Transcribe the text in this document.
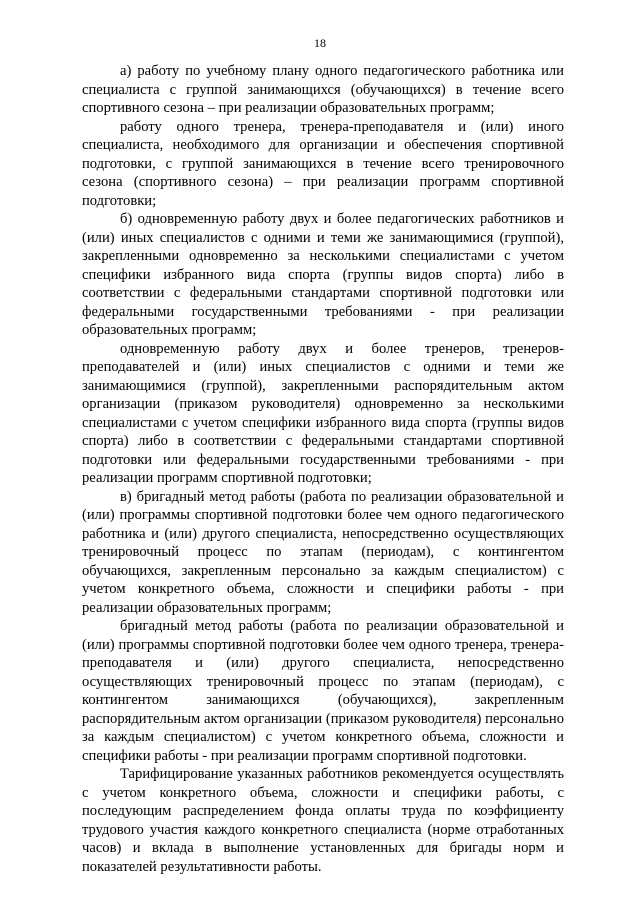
18

а) работу по учебному плану одного педагогического работника или специалиста с группой занимающихся (обучающихся) в течение всего спортивного сезона – при реализации образовательных программ;

работу одного тренера, тренера-преподавателя и (или) иного специалиста, необходимого для организации и обеспечения спортивной подготовки, с группой занимающихся в течение всего тренировочного сезона (спортивного сезона) – при реализации программ спортивной подготовки;

б) одновременную работу двух и более педагогических работников и (или) иных специалистов с одними и теми же занимающимися (группой), закрепленными одновременно за несколькими специалистами с учетом специфики избранного вида спорта (группы видов спорта) либо в соответствии с федеральными стандартами спортивной подготовки или федеральными государственными требованиями - при реализации образовательных программ;

одновременную работу двух и более тренеров, тренеров-преподавателей и (или) иных специалистов с одними и теми же занимающимися (группой), закрепленными распорядительным актом организации (приказом руководителя) одновременно за несколькими специалистами с учетом специфики избранного вида спорта (группы видов спорта) либо в соответствии с федеральными стандартами спортивной подготовки или федеральными государственными требованиями - при реализации программ спортивной подготовки;

в) бригадный метод работы (работа по реализации образовательной и (или) программы спортивной подготовки более чем одного педагогического работника и (или) другого специалиста, непосредственно осуществляющих тренировочный процесс по этапам (периодам), с контингентом обучающихся, закрепленным персонально за каждым специалистом) с учетом конкретного объема, сложности и специфики работы - при реализации образовательных программ;

бригадный метод работы (работа по реализации образовательной и (или) программы спортивной подготовки более чем одного тренера, тренера-преподавателя и (или) другого специалиста, непосредственно осуществляющих тренировочный процесс по этапам (периодам), с контингентом занимающихся (обучающихся), закрепленным распорядительным актом организации (приказом руководителя) персонально за каждым специалистом) с учетом конкретного объема, сложности и специфики работы - при реализации программ спортивной подготовки.

Тарифицирование указанных работников рекомендуется осуществлять с учетом конкретного объема, сложности и специфики работы, с последующим распределением фонда оплаты труда по коэффициенту трудового участия каждого конкретного специалиста (норме отработанных часов) и вклада в выполнение установленных для бригады норм и показателей результативности работы.
